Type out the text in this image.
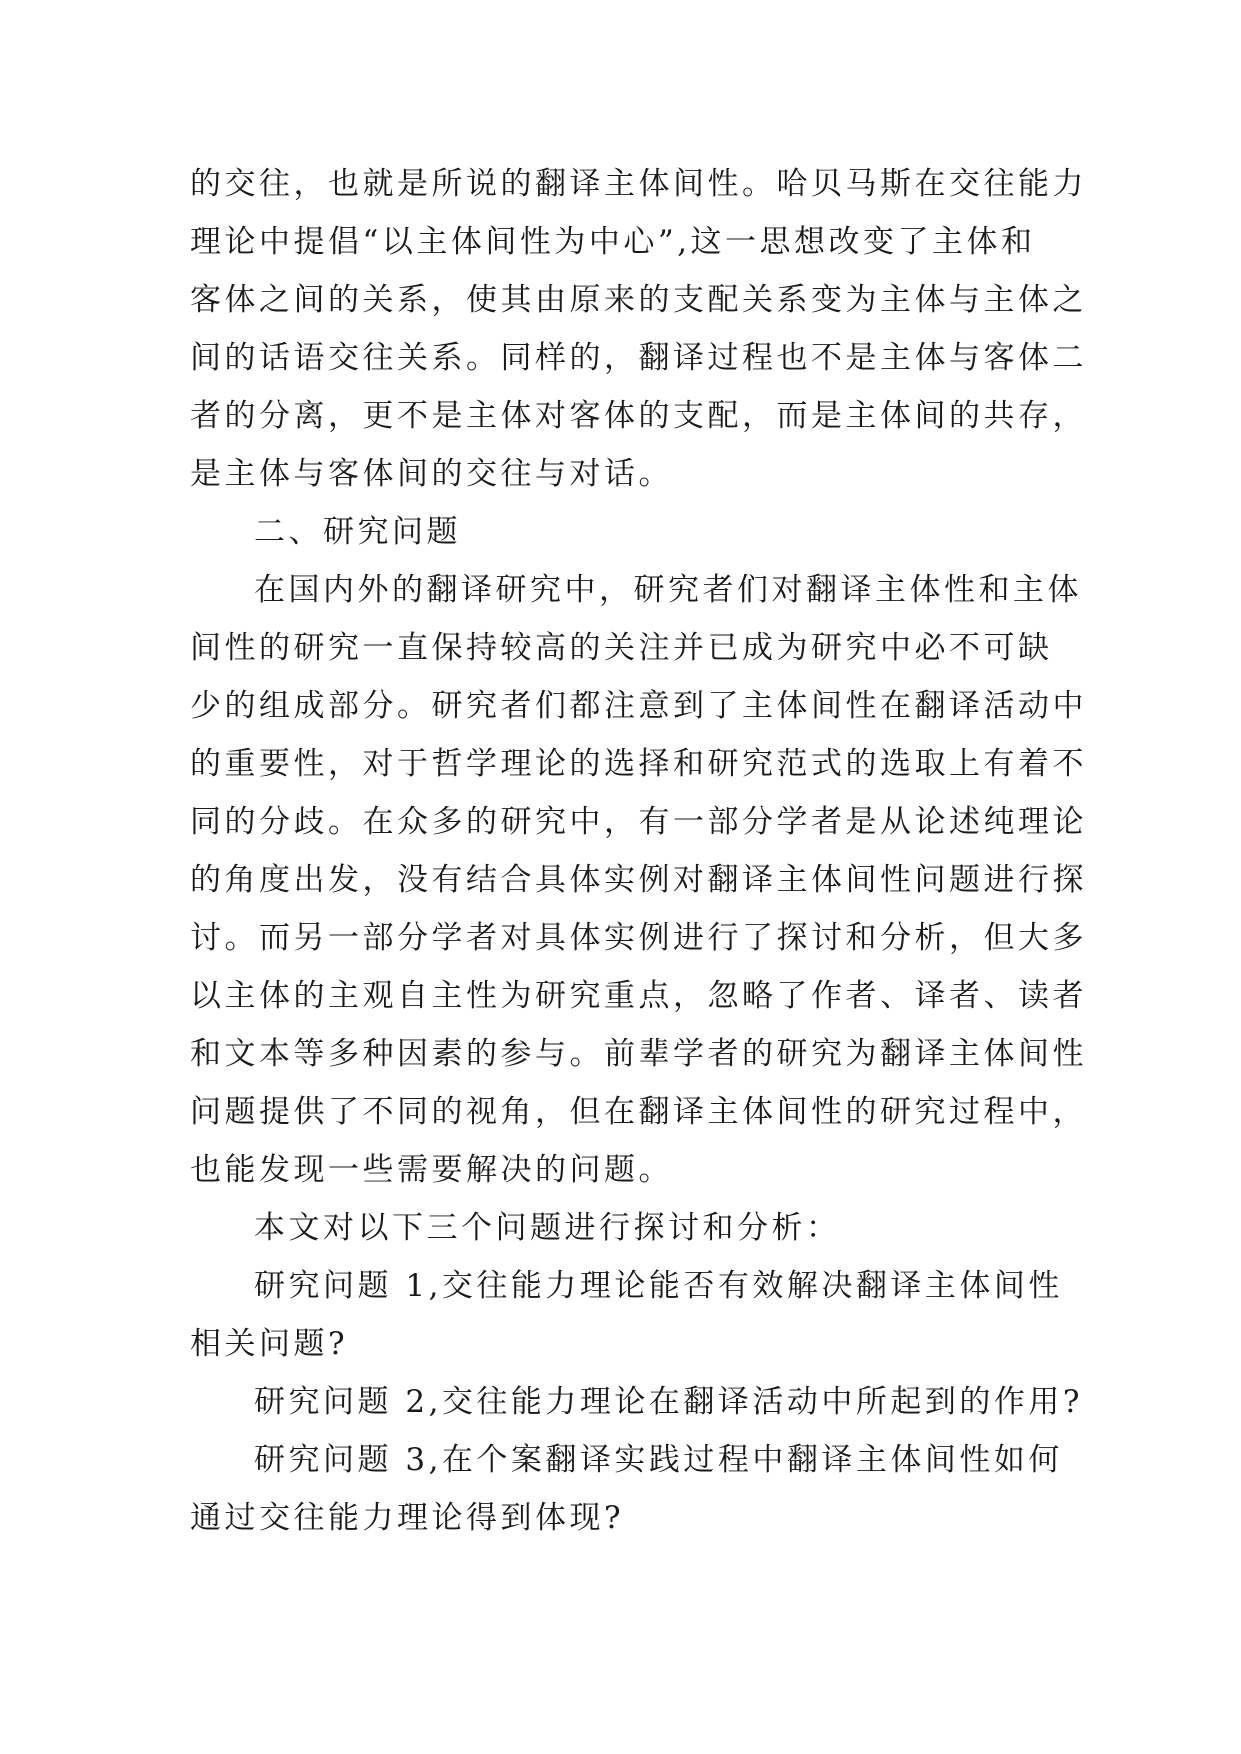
的交往，也就是所说的翻译主体间性。哈贝马斯在交往能力
理论中提倡“以主体间性为中心”,这一思想改变了主体和
客体之间的关系，使其由原来的支配关系变为主体与主体之
间的话语交往关系。同样的，翻译过程也不是主体与客体二
者的分离，更不是主体对客体的支配，而是主体间的共存，
是主体与客体间的交往与对话。
二、研究问题
在国内外的翻译研究中，研究者们对翻译主体性和主体
间性的研究一直保持较高的关注并已成为研究中必不可缺
少的组成部分。研究者们都注意到了主体间性在翻译活动中
的重要性，对于哲学理论的选择和研究范式的选取上有着不
同的分歧。在众多的研究中，有一部分学者是从论述纯理论
的角度出发，没有结合具体实例对翻译主体间性问题进行探
讨。而另一部分学者对具体实例进行了探讨和分析，但大多
以主体的主观自主性为研究重点，忽略了作者、译者、读者
和文本等多种因素的参与。前辈学者的研究为翻译主体间性
问题提供了不同的视角，但在翻译主体间性的研究过程中，
也能发现一些需要解决的问题。
本文对以下三个问题进行探讨和分析：
研究问题 1,交往能力理论能否有效解决翻译主体间性
相关问题?
研究问题 2,交往能力理论在翻译活动中所起到的作用?
研究问题 3,在个案翻译实践过程中翻译主体间性如何
通过交往能力理论得到体现?
